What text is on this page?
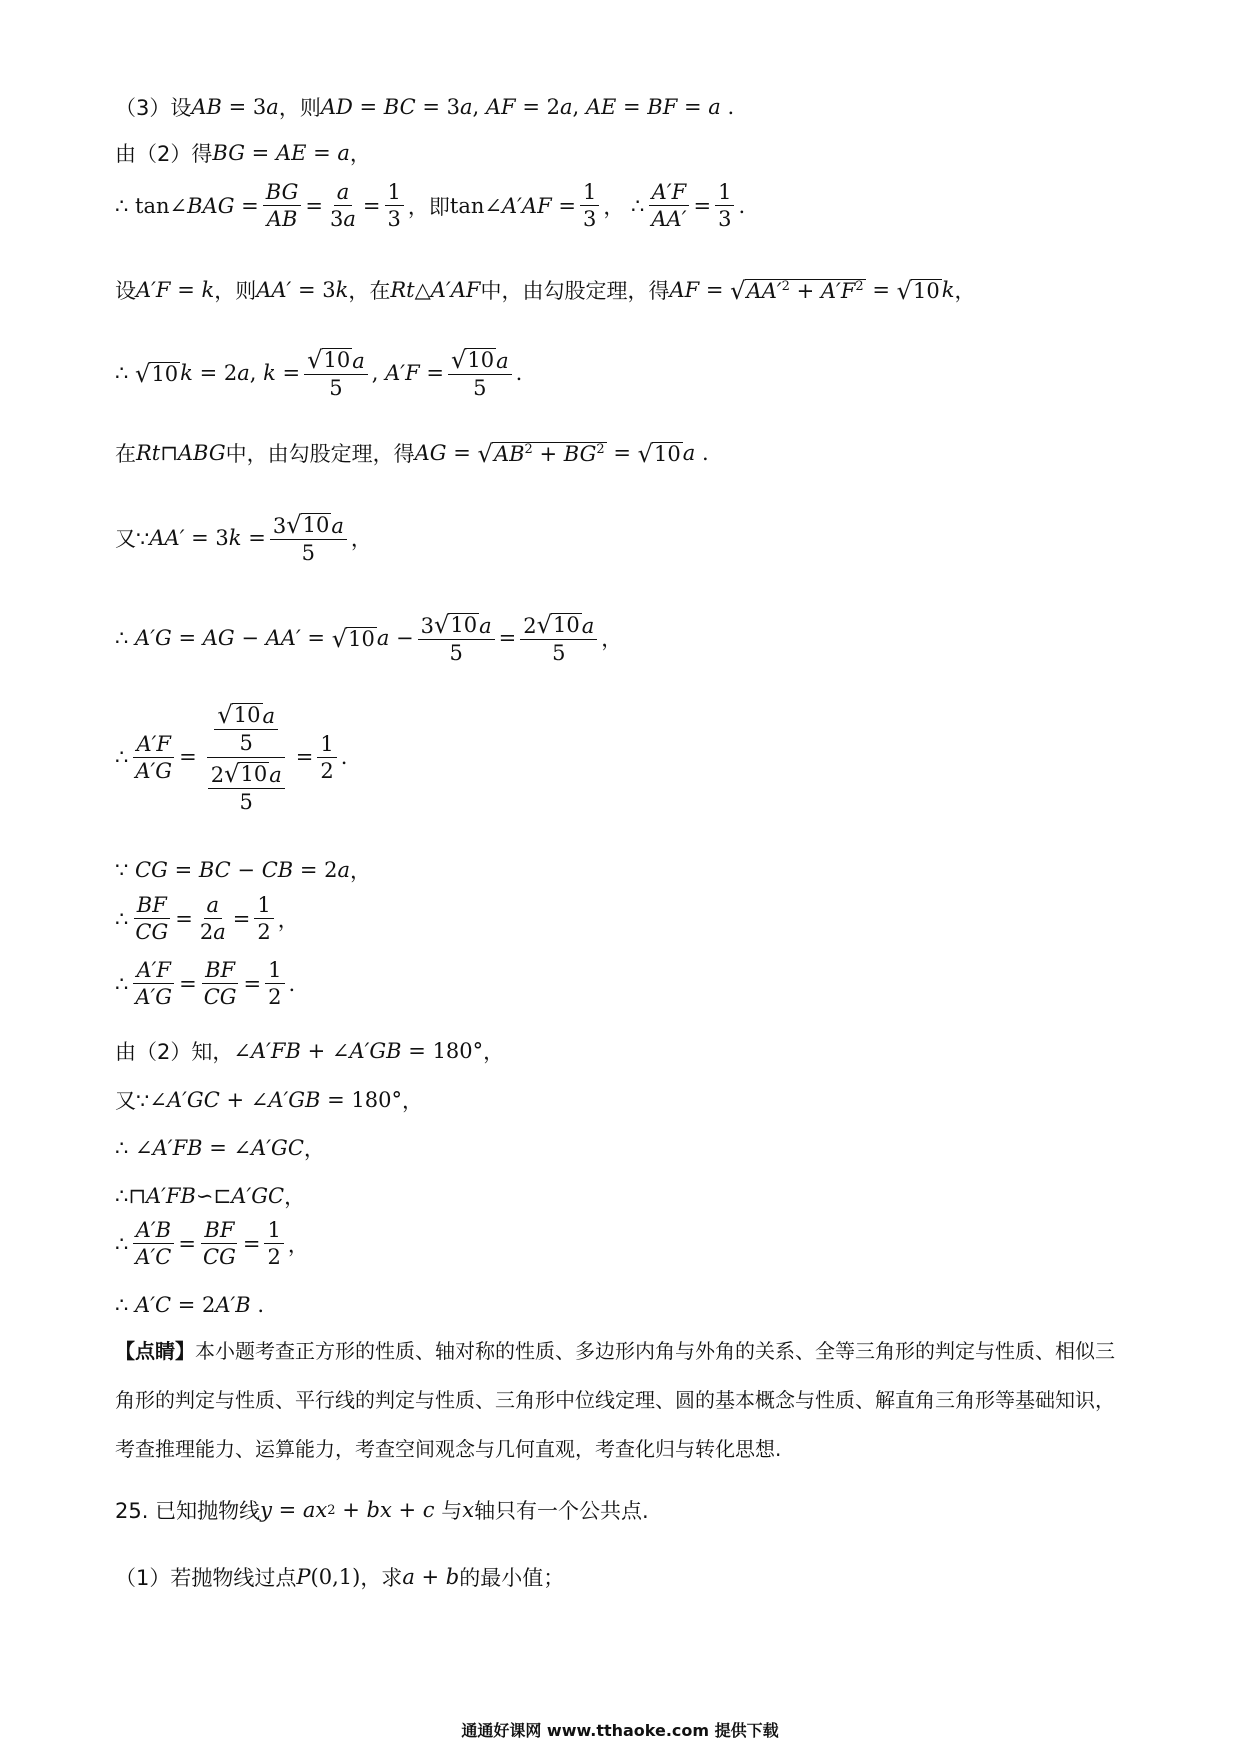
（3）设 AB = 3 a ，则 AD = BC = 3 a , AF = 2 a , AE = BF = a .
由（2）得 BG = AE = a ，
∴ tan∠BAG = $\frac{BG}{AB} = \frac{a}{3a} = \frac{1}{3}$ ，即 tan∠ $A'AF = \frac{1}{3}$ ， ∴ $\frac{A'F}{AA'} = \frac{1}{3}$ .
设 A′F = k ，则 AA′ = 3 k ，在 Rt △ A′AF 中，由勾股定理，得 AF = √ $AA'^2 + A'F^2$ = √ 10 k ，
∴ √ 10 k = 2 a , $k = \frac{√ 10 a}{5}$ , $A'F = \frac{√ 10 a}{5}$ .
在 Rt ⊓ ABG 中，由勾股定理，得 AG = √ $AB^2 + BG^2$ = √ 10 a .
又∵ AA′ = 3 $k = \frac{3 √ 10 a}{5}$ ，
∴ A′G = AG − AA′ = √ 10 $a - \frac{3 √ 10 a}{5} = \frac{2 √ 10 a}{5}$ ，
∴ $\frac{A'F}{A'G} = \frac{\frac{√ 10 a}{5}}{\frac{2 √ 10 a}{5}} = \frac{1}{2}$ .
∵ CG = BC − CB = 2 a ，
∴ $\frac{BF}{CG} = \frac{a}{2a} = \frac{1}{2}$ ，
∴ $\frac{A'F}{A'G} = \frac{BF}{CG} = \frac{1}{2}$ .
由（2）知， ∠ A′FB + ∠ A′GB = 180° ，
又∵ ∠ A′GC + ∠ A′GB = 180° ，
∴ ∠ A′FB = ∠ A′GC ，
∴⊓ A′FB ∽⊏ A′GC ，
∴ $\frac{A'B}{A'C} = \frac{BF}{CG} = \frac{1}{2}$ ，
∴ A′C = 2 A′B .
【点睛】本小题考查正方形的性质、轴对称的性质、多边形内角与外角的关系、全等三角形的判定与性质、相似三角形的判定与性质、平行线的判定与性质、三角形中位线定理、圆的基本概念与性质、解直角三角形等基础知识，考查推理能力、运算能力，考查空间观念与几何直观，考查化归与转化思想.
25. 已知抛物线 y = ax 2 + bx + c 与 x 轴只有一个公共点.
（1）若抛物线过点 P (0,1) ，求 a + b 的最小值；
通通好课网 www.tthaoke.com 提供下载
